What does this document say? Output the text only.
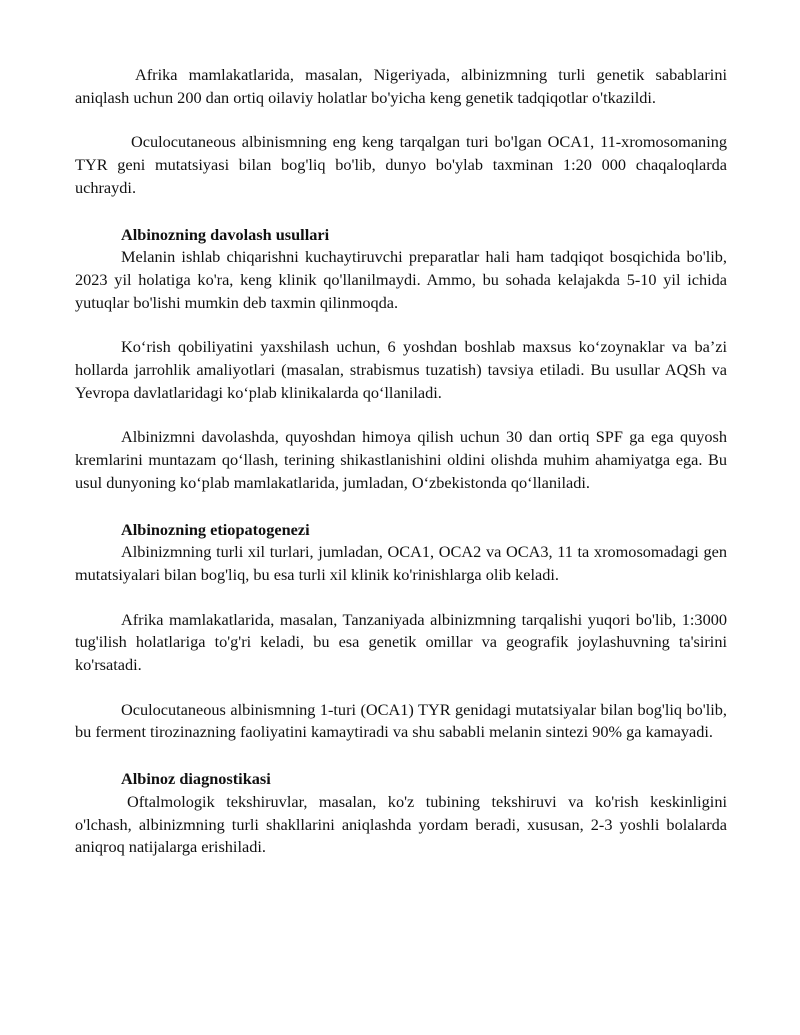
Afrika mamlakatlarida, masalan, Nigeriyada, albinizmning turli genetik sabablarini aniqlash uchun 200 dan ortiq oilaviy holatlar bo'yicha keng genetik tadqiqotlar o'tkazildi.

Oculocutaneous albinismning eng keng tarqalgan turi bo'lgan OCA1, 11-xromosomaning TYR geni mutatsiyasi bilan bog'liq bo'lib, dunyo bo'ylab taxminan 1:20 000 chaqaloqlarda uchraydi.

Albinozning davolash usullari

Melanin ishlab chiqarishni kuchaytiruvchi preparatlar hali ham tadqiqot bosqichida bo'lib, 2023 yil holatiga ko'ra, keng klinik qo'llanilmaydi. Ammo, bu sohada kelajakda 5-10 yil ichida yutuqlar bo'lishi mumkin deb taxmin qilinmoqda.

Ko‘rish qobiliyatini yaxshilash uchun, 6 yoshdan boshlab maxsus ko‘zoynaklar va ba’zi hollarda jarrohlik amaliyotlari (masalan, strabismus tuzatish) tavsiya etiladi. Bu usullar AQSh va Yevropa davlatlaridagi ko‘plab klinikalarda qo‘llaniladi.

Albinizmni davolashda, quyoshdan himoya qilish uchun 30 dan ortiq SPF ga ega quyosh kremlarini muntazam qo‘llash, terining shikastlanishini oldini olishda muhim ahamiyatga ega. Bu usul dunyoning ko‘plab mamlakatlarida, jumladan, O‘zbekistonda qo‘llaniladi.

Albinozning etiopatogenezi

Albinizmning turli xil turlari, jumladan, OCA1, OCA2 va OCA3, 11 ta xromosomadagi gen mutatsiyalari bilan bog'liq, bu esa turli xil klinik ko'rinishlarga olib keladi.

Afrika mamlakatlarida, masalan, Tanzaniyada albinizmning tarqalishi yuqori bo'lib, 1:3000 tug'ilish holatlariga to'g'ri keladi, bu esa genetik omillar va geografik joylashuvning ta'sirini ko'rsatadi.

Oculocutaneous albinismning 1-turi (OCA1) TYR genidagi mutatsiyalar bilan bog'liq bo'lib, bu ferment tirozinazning faoliyatini kamaytiradi va shu sababli melanin sintezi 90% ga kamayadi.

Albinoz diagnostikasi

Oftalmologik tekshiruvlar, masalan, ko'z tubining tekshiruvi va ko'rish keskinligini o'lchash, albinizmning turli shakllarini aniqlashda yordam beradi, xususan, 2-3 yoshli bolalarda aniqroq natijalarga erishiladi.
